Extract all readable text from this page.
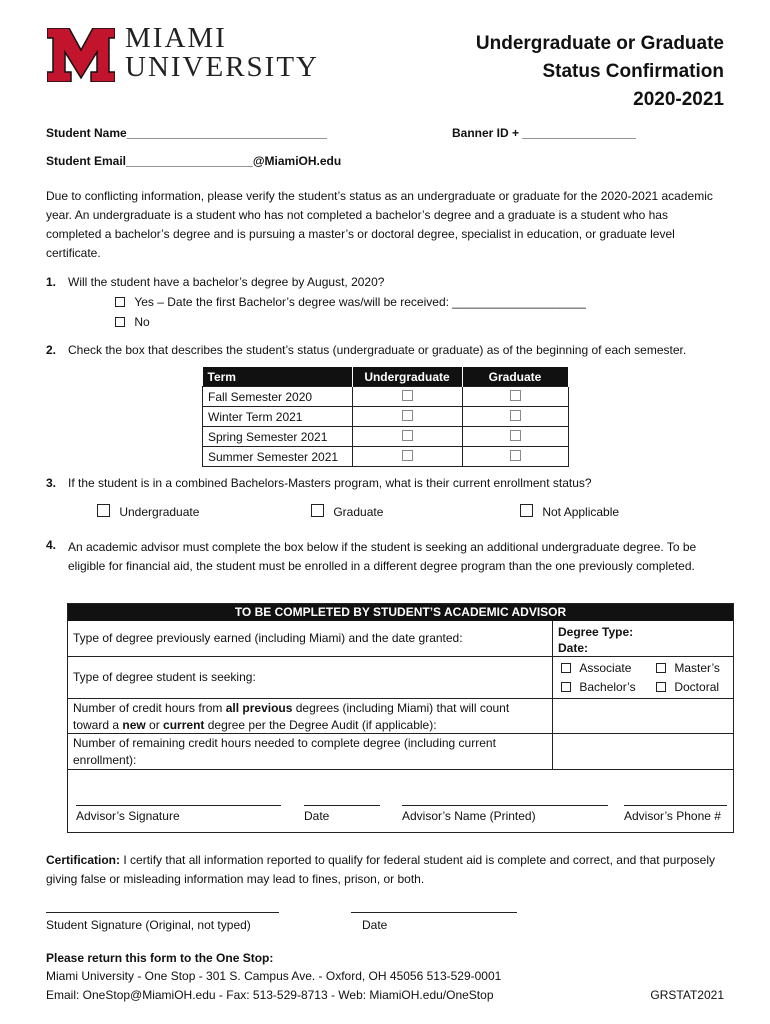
MIAMI
UNIVERSITY
Undergraduate or Graduate
Status Confirmation
2020-2021
Student Name______________________________	Banner ID + _________________
Student Email___________________@MiamiOH.edu

Due to conflicting information, please verify the student’s status as an undergraduate or graduate for the 2020-2021 academic year. An undergraduate is a student who has not completed a bachelor’s degree and a graduate is a student who has completed a bachelor’s degree and is pursuing a master’s or doctoral degree, specialist in education, or graduate level certificate.

1. Will the student have a bachelor’s degree by August, 2020?
Yes – Date the first Bachelor’s degree was/will be received: ____________________
No
2. Check the box that describes the student’s status (undergraduate or graduate) as of the beginning of each semester.
Term	Undergraduate	Graduate
Fall Semester 2020		
Winter Term 2021		
Spring Semester 2021		
Summer Semester 2021		
3. If the student is in a combined Bachelors-Masters program, what is their current enrollment status?
Undergraduate	Graduate	Not Applicable
4. An academic advisor must complete the box below if the student is seeking an additional undergraduate degree. To be eligible for financial aid, the student must be enrolled in a different degree program than the one previously completed.

TO BE COMPLETED BY STUDENT’S ACADEMIC ADVISOR
Type of degree previously earned (including Miami) and the date granted:	Degree Type:
Date:
Type of degree student is seeking:
Associate	Master’s
Bachelor’s	Doctoral
Number of credit hours from all previous degrees (including Miami) that will count toward a new or current degree per the Degree Audit (if applicable):
Number of remaining credit hours needed to complete degree (including current enrollment):
Advisor’s Signature	Date	Advisor’s Name (Printed)	Advisor’s Phone #

Certification: I certify that all information reported to qualify for federal student aid is complete and correct, and that purposely giving false or misleading information may lead to fines, prison, or both.

Student Signature (Original, not typed)	Date
Please return this form to the One Stop:
Miami University - One Stop - 301 S. Campus Ave. - Oxford, OH 45056 513-529-0001
Email: OneStop@MiamiOH.edu - Fax: 513-529-8713 - Web: MiamiOH.edu/OneStop	GRSTAT2021
